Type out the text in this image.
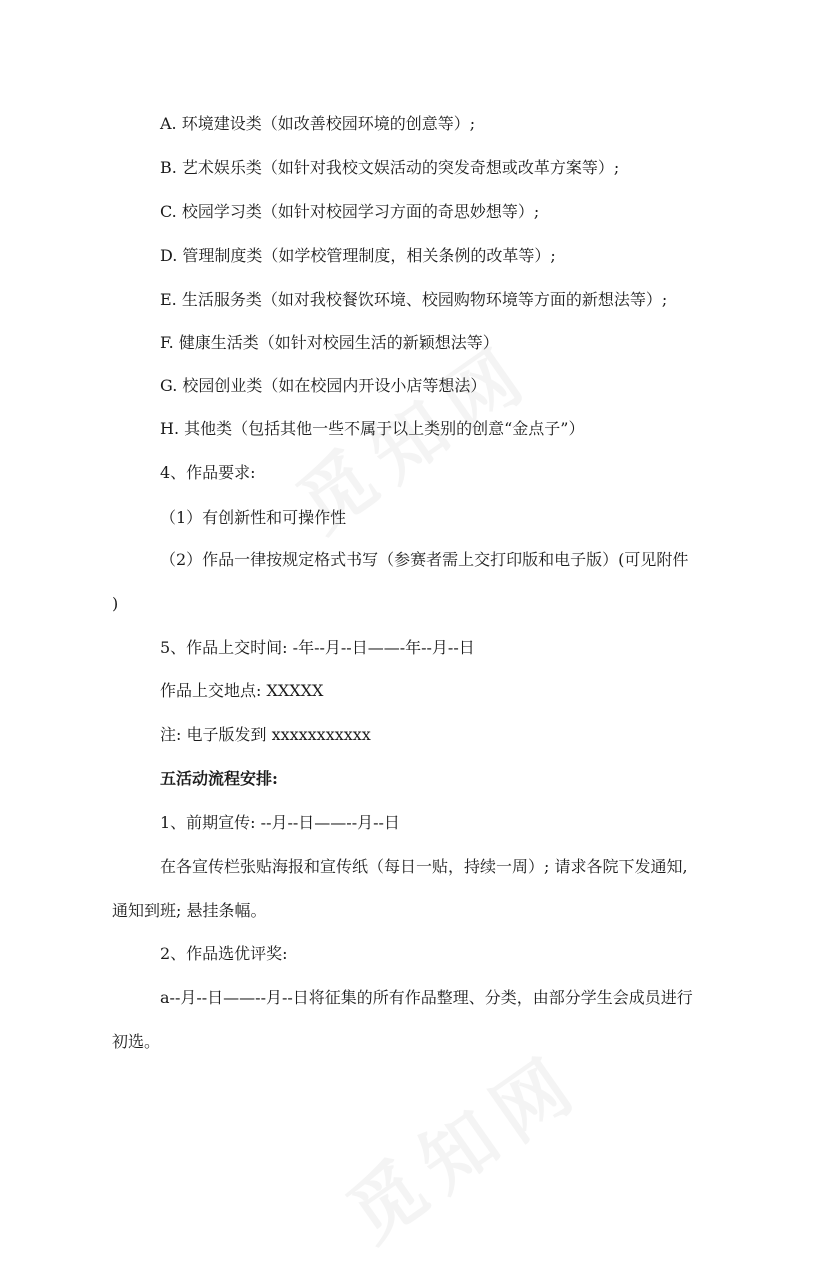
A. 环境建设类（如改善校园环境的创意等）;
B. 艺术娱乐类（如针对我校文娱活动的突发奇想或改革方案等）;
C. 校园学习类（如针对校园学习方面的奇思妙想等）;
D. 管理制度类（如学校管理制度，相关条例的改革等）;
E. 生活服务类（如对我校餐饮环境、校园购物环境等方面的新想法等）;
F. 健康生活类（如针对校园生活的新颖想法等）
G. 校园创业类（如在校园内开设小店等想法）
H. 其他类（包括其他一些不属于以上类别的创意“金点子”）
4、作品要求:
（1）有创新性和可操作性
（2）作品一律按规定格式书写（参赛者需上交打印版和电子版）(可见附件
)
5、作品上交时间: -年--月--日——-年--月--日
作品上交地点: XXXXX
注: 电子版发到 xxxxxxxxxxx
五活动流程安排:
1、前期宣传: --月--日——--月--日
在各宣传栏张贴海报和宣传纸（每日一贴，持续一周）; 请求各院下发通知,
通知到班; 悬挂条幅。
2、作品选优评奖:
a--月--日——--月--日将征集的所有作品整理、分类，由部分学生会成员进行
初选。
